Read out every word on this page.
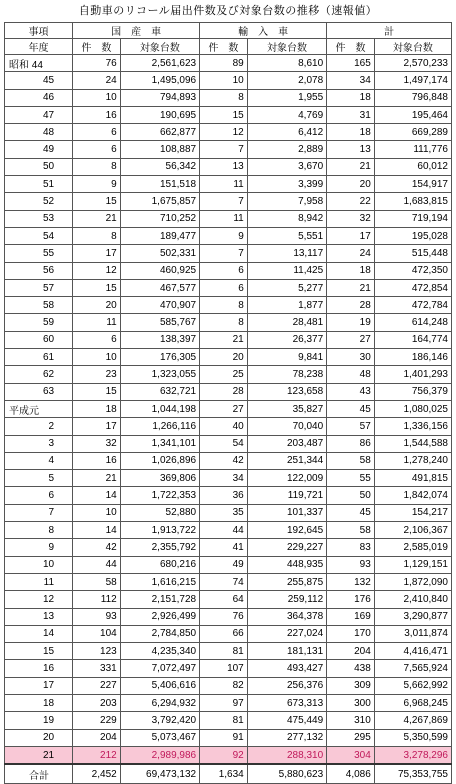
自動車のリコール届出件数及び対象台数の推移（速報値）
事項	国　産　車		輸　入　車		計	
年度	件　数	対象台数	件　数	対象台数	件　数	対象台数
昭和 44	76	2,561,623	89	8,610	165	2,570,233
45	24	1,495,096	10	2,078	34	1,497,174
46	10	794,893	8	1,955	18	796,848
47	16	190,695	15	4,769	31	195,464
48	6	662,877	12	6,412	18	669,289
49	6	108,887	7	2,889	13	111,776
50	8	56,342	13	3,670	21	60,012
51	9	151,518	11	3,399	20	154,917
52	15	1,675,857	7	7,958	22	1,683,815
53	21	710,252	11	8,942	32	719,194
54	8	189,477	9	5,551	17	195,028
55	17	502,331	7	13,117	24	515,448
56	12	460,925	6	11,425	18	472,350
57	15	467,577	6	5,277	21	472,854
58	20	470,907	8	1,877	28	472,784
59	11	585,767	8	28,481	19	614,248
60	6	138,397	21	26,377	27	164,774
61	10	176,305	20	9,841	30	186,146
62	23	1,323,055	25	78,238	48	1,401,293
63	15	632,721	28	123,658	43	756,379
平成元	18	1,044,198	27	35,827	45	1,080,025
2	17	1,266,116	40	70,040	57	1,336,156
3	32	1,341,101	54	203,487	86	1,544,588
4	16	1,026,896	42	251,344	58	1,278,240
5	21	369,806	34	122,009	55	491,815
6	14	1,722,353	36	119,721	50	1,842,074
7	10	52,880	35	101,337	45	154,217
8	14	1,913,722	44	192,645	58	2,106,367
9	42	2,355,792	41	229,227	83	2,585,019
10	44	680,216	49	448,935	93	1,129,151
11	58	1,616,215	74	255,875	132	1,872,090
12	112	2,151,728	64	259,112	176	2,410,840
13	93	2,926,499	76	364,378	169	3,290,877
14	104	2,784,850	66	227,024	170	3,011,874
15	123	4,235,340	81	181,131	204	4,416,471
16	331	7,072,497	107	493,427	438	7,565,924
17	227	5,406,616	82	256,376	309	5,662,992
18	203	6,294,932	97	673,313	300	6,968,245
19	229	3,792,420	81	475,449	310	4,267,869
20	204	5,073,467	91	277,132	295	5,350,599
21	212	2,989,986	92	288,310	304	3,278,296
合計	2,452	69,473,132	1,634	5,880,623	4,086	75,353,755
